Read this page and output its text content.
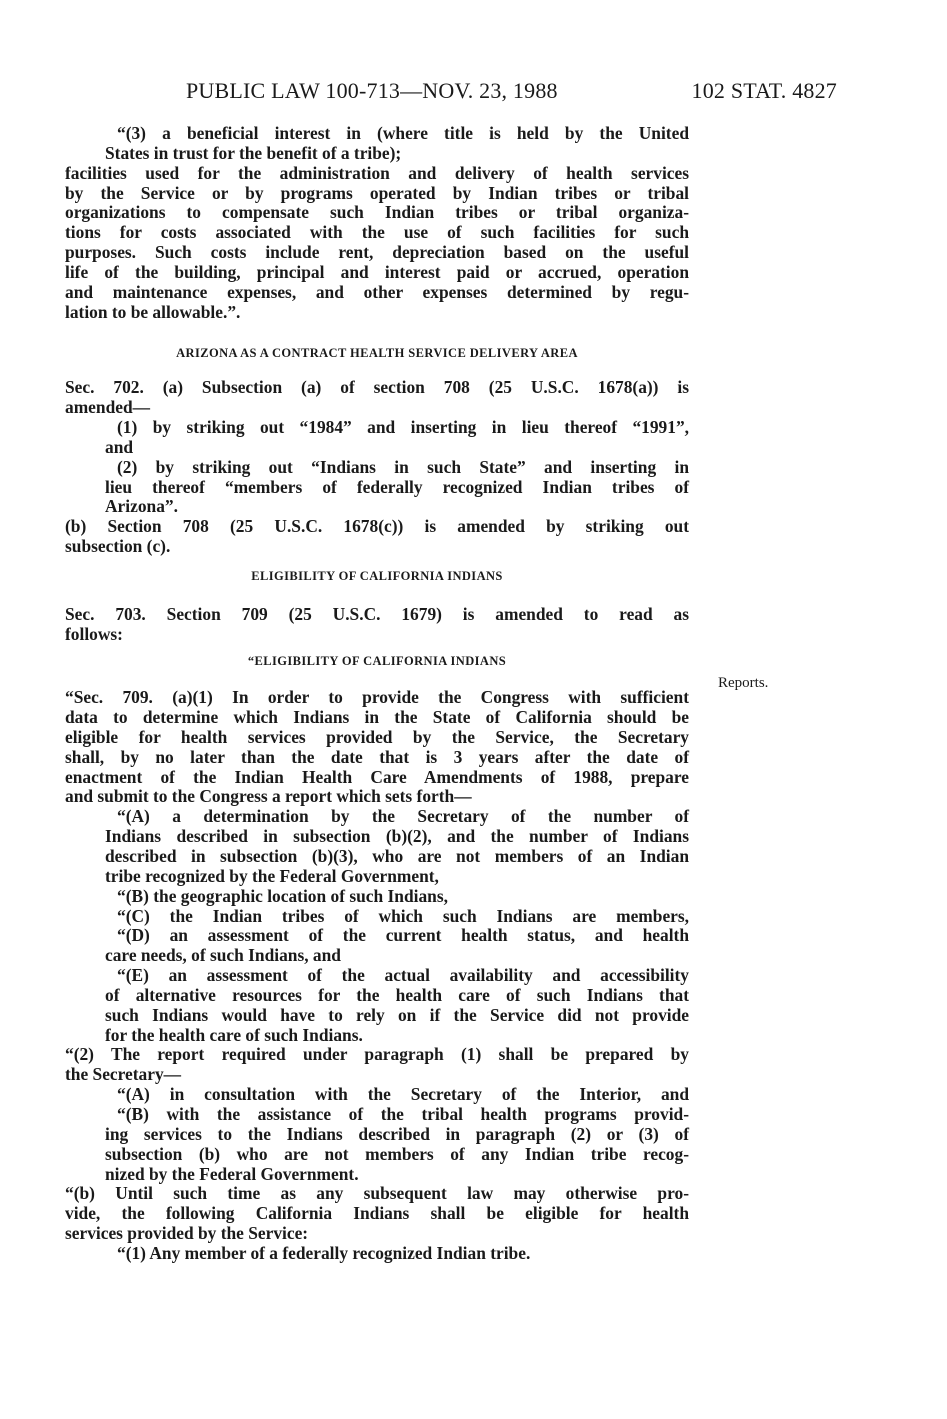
PUBLIC LAW 100-713—NOV. 23, 1988	102 STAT. 4827
Reports.
“(3) a beneficial interest in (where title is held by the United
States in trust for the benefit of a tribe);
facilities used for the administration and delivery of health services
by the Service or by programs operated by Indian tribes or tribal
organizations to compensate such Indian tribes or tribal organiza-
tions for costs associated with the use of such facilities for such
purposes. Such costs include rent, depreciation based on the useful
life of the building, principal and interest paid or accrued, operation
and maintenance expenses, and other expenses determined by regu-
lation to be allowable.”.

ARIZONA AS A CONTRACT HEALTH SERVICE DELIVERY AREA

Sec. 702. (a) Subsection (a) of section 708 (25 U.S.C. 1678(a)) is
amended—
(1) by striking out “1984” and inserting in lieu thereof “1991”,
and
(2) by striking out “Indians in such State” and inserting in
lieu thereof “members of federally recognized Indian tribes of
Arizona”.
(b) Section 708 (25 U.S.C. 1678(c)) is amended by striking out
subsection (c).

ELIGIBILITY OF CALIFORNIA INDIANS

Sec. 703. Section 709 (25 U.S.C. 1679) is amended to read as
follows:

“ELIGIBILITY OF CALIFORNIA INDIANS

“Sec. 709. (a)(1) In order to provide the Congress with sufficient
data to determine which Indians in the State of California should be
eligible for health services provided by the Service, the Secretary
shall, by no later than the date that is 3 years after the date of
enactment of the Indian Health Care Amendments of 1988, prepare
and submit to the Congress a report which sets forth—
“(A) a determination by the Secretary of the number of
Indians described in subsection (b)(2), and the number of Indians
described in subsection (b)(3), who are not members of an Indian
tribe recognized by the Federal Government,
“(B) the geographic location of such Indians,
“(C) the Indian tribes of which such Indians are members,
“(D) an assessment of the current health status, and health
care needs, of such Indians, and
“(E) an assessment of the actual availability and accessibility
of alternative resources for the health care of such Indians that
such Indians would have to rely on if the Service did not provide
for the health care of such Indians.
“(2) The report required under paragraph (1) shall be prepared by
the Secretary—
“(A) in consultation with the Secretary of the Interior, and
“(B) with the assistance of the tribal health programs provid-
ing services to the Indians described in paragraph (2) or (3) of
subsection (b) who are not members of any Indian tribe recog-
nized by the Federal Government.
“(b) Until such time as any subsequent law may otherwise pro-
vide, the following California Indians shall be eligible for health
services provided by the Service:
“(1) Any member of a federally recognized Indian tribe.
